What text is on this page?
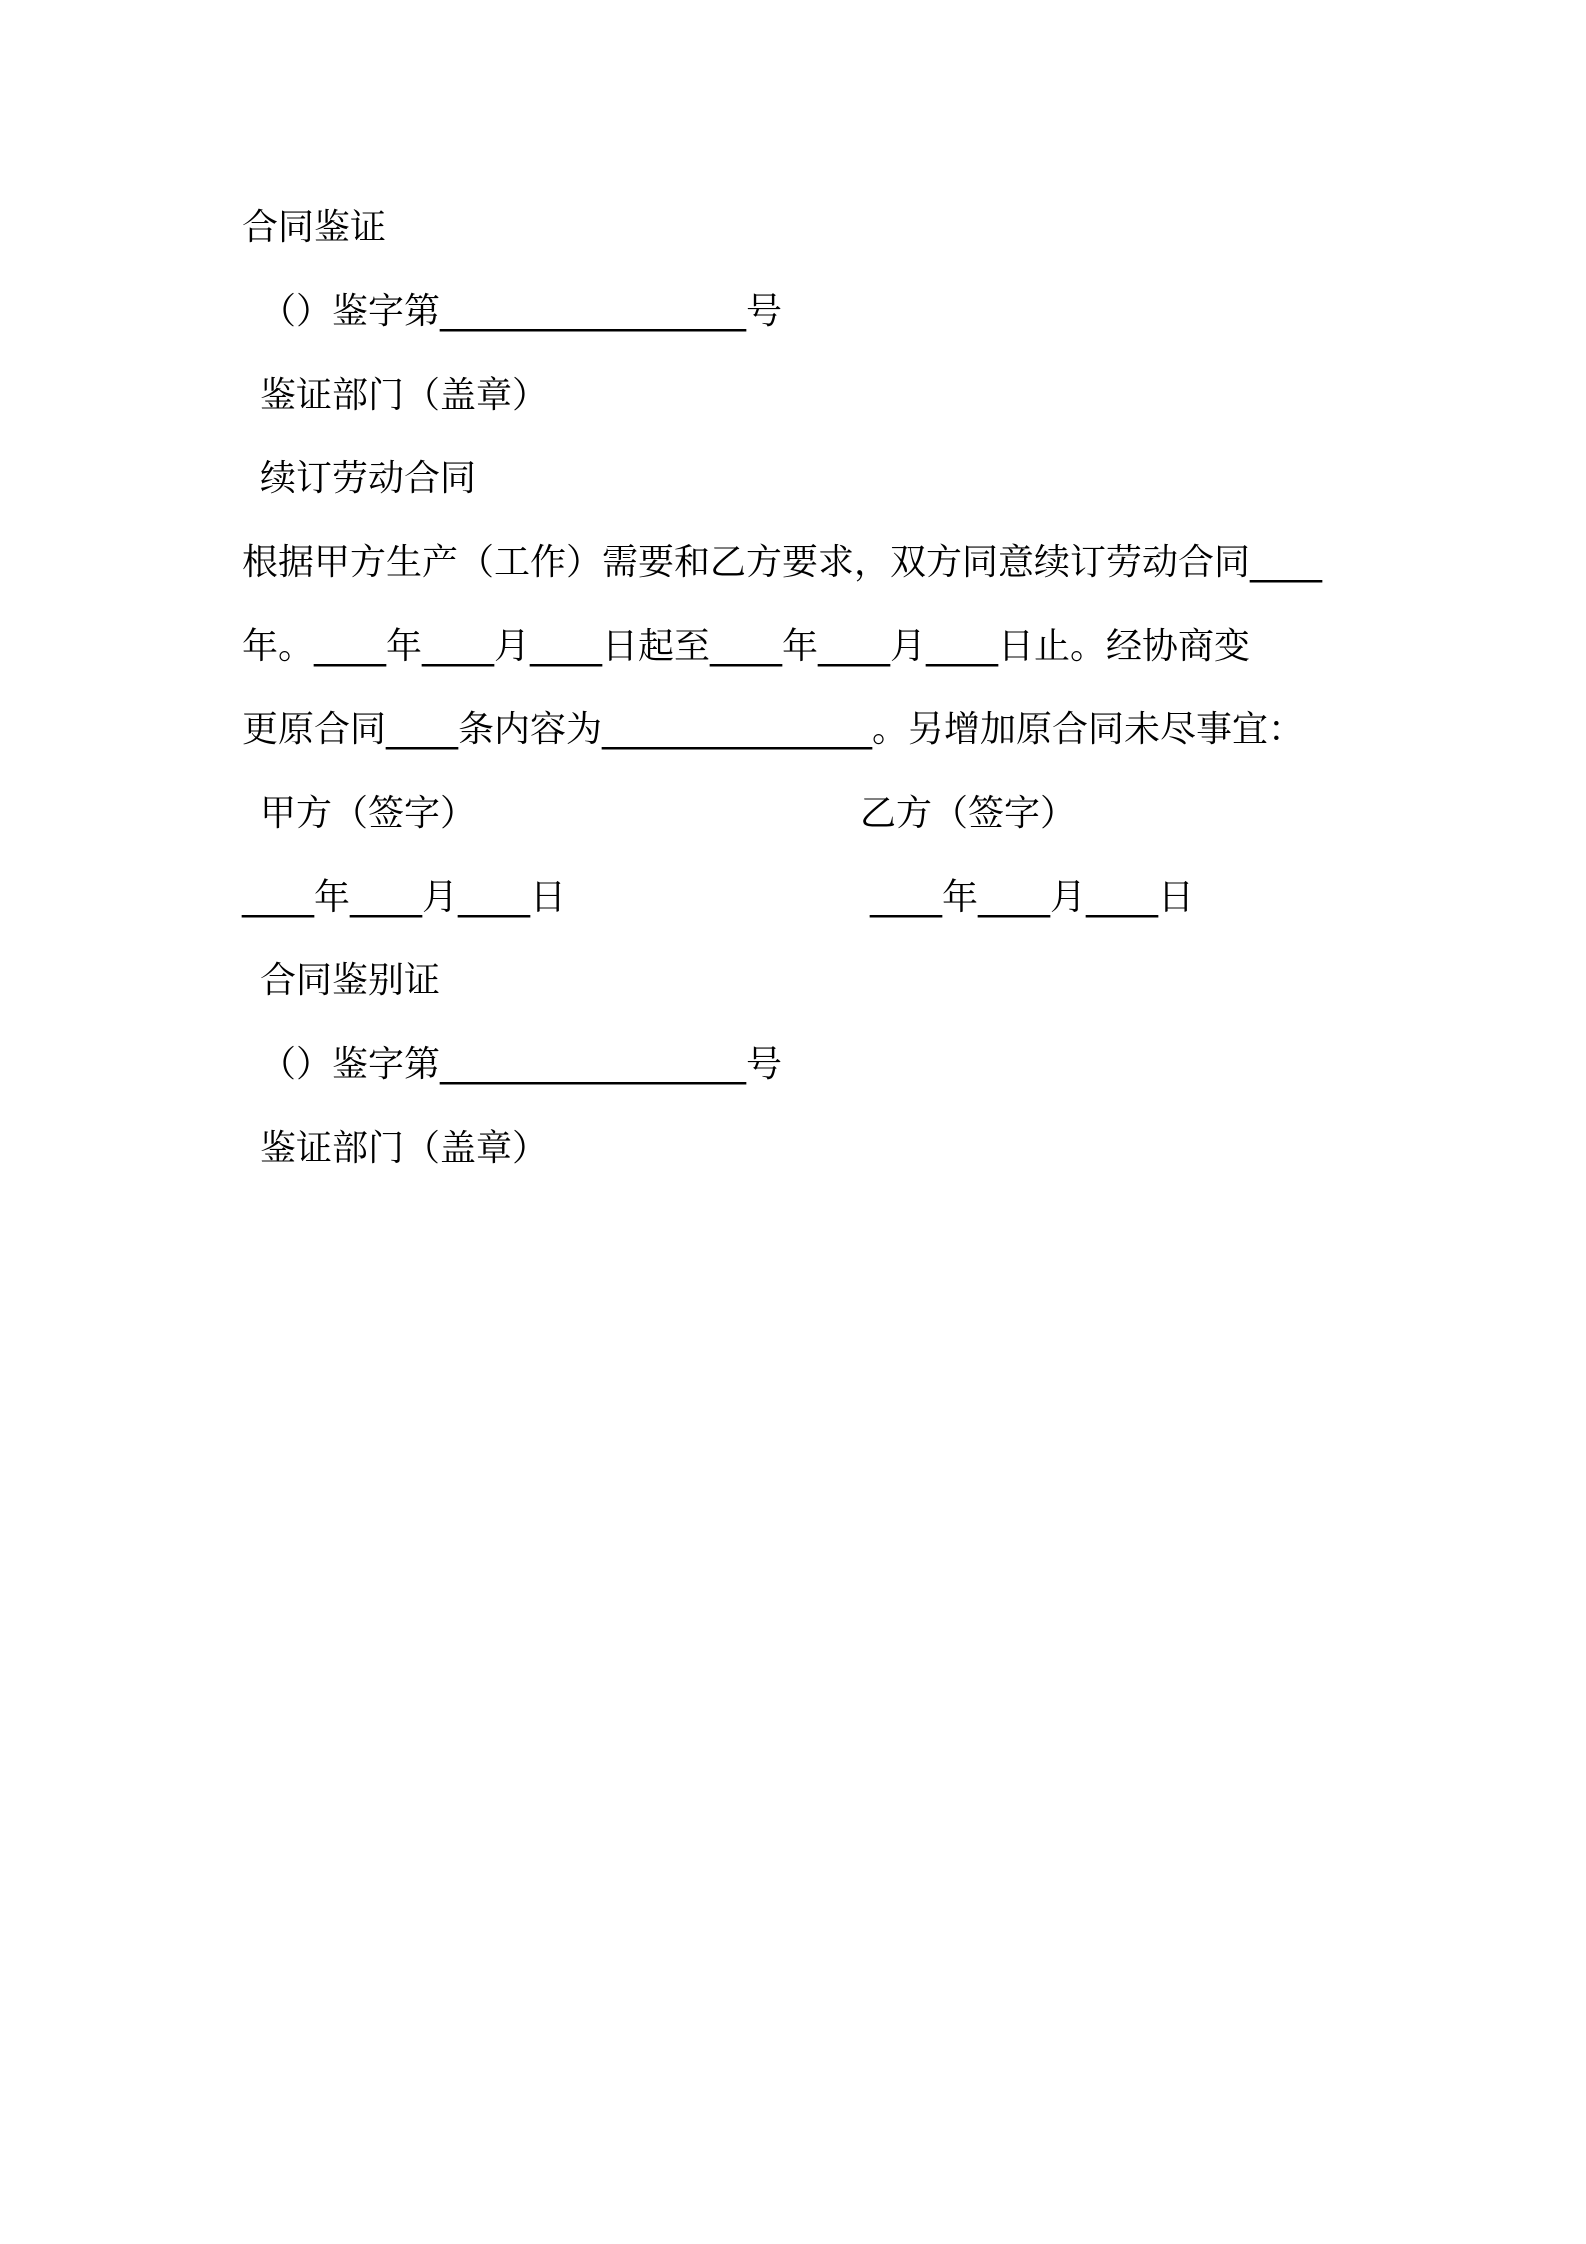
合同鉴证
（）鉴字第_________________号
鉴证部门（盖章）
续订劳动合同
根据甲方生产（工作）需要和乙方要求，双方同意续订劳动合同____
年。____年____月____日起至____年____月____日止。经协商变
更原合同____条内容为_______________。另增加原合同未尽事宜：
甲方（签字）	乙方（签字）
____年____月____日	____年____月____日
合同鉴别证
（）鉴字第_________________号
鉴证部门（盖章）
